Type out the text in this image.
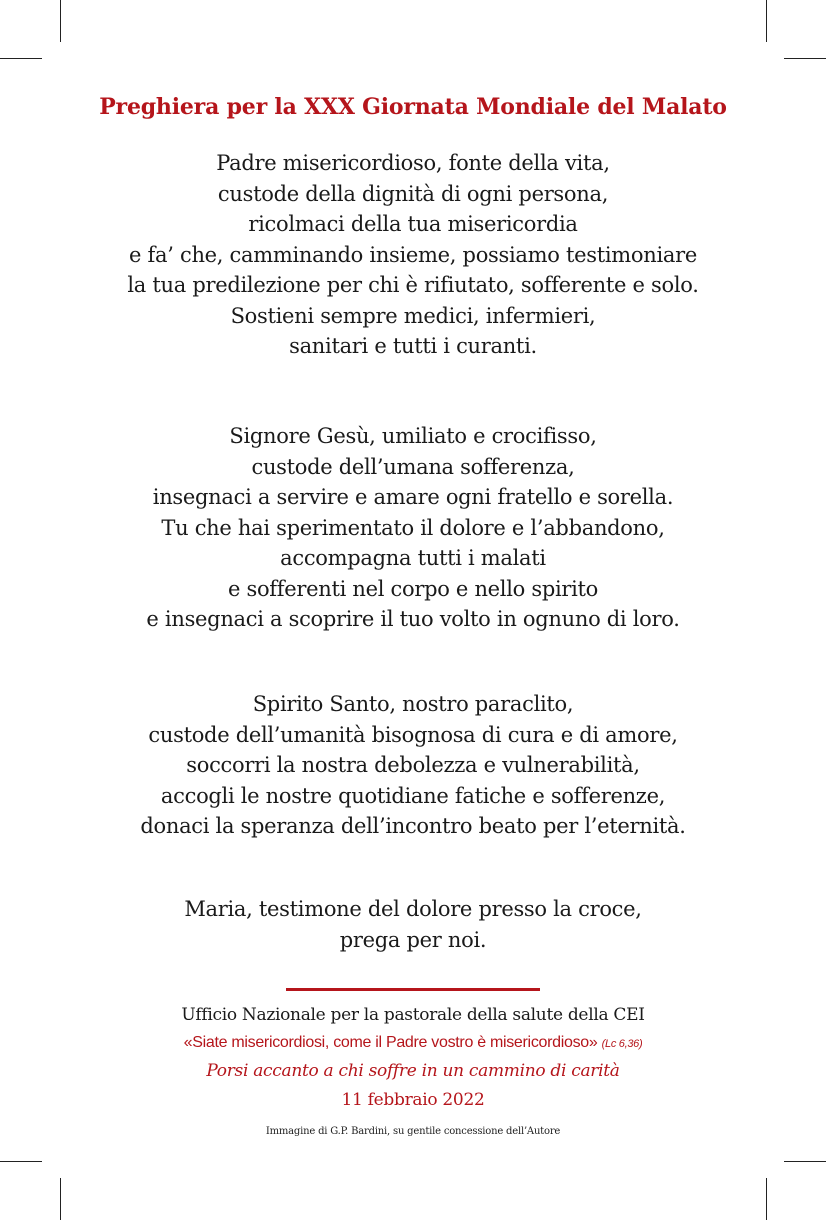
Preghiera per la XXX Giornata Mondiale del Malato
Padre misericordioso, fonte della vita,
custode della dignità di ogni persona,
ricolmaci della tua misericordia
e fa’ che, camminando insieme, possiamo testimoniare
la tua predilezione per chi è rifiutato, sofferente e solo.
Sostieni sempre medici, infermieri,
sanitari e tutti i curanti.
Signore Gesù, umiliato e crocifisso,
custode dell’umana sofferenza,
insegnaci a servire e amare ogni fratello e sorella.
Tu che hai sperimentato il dolore e l’abbandono,
accompagna tutti i malati
e sofferenti nel corpo e nello spirito
e insegnaci a scoprire il tuo volto in ognuno di loro.
Spirito Santo, nostro paraclito,
custode dell’umanità bisognosa di cura e di amore,
soccorri la nostra debolezza e vulnerabilità,
accogli le nostre quotidiane fatiche e sofferenze,
donaci la speranza dell’incontro beato per l’eternità.
Maria, testimone del dolore presso la croce,
prega per noi.

Ufficio Nazionale per la pastorale della salute della CEI

«Siate misericordiosi, come il Padre vostro è misericordioso» (Lc 6,36)

Porsi accanto a chi soffre in un cammino di carità

11 febbraio 2022

Immagine di G.P. Bardini, su gentile concessione dell’Autore
